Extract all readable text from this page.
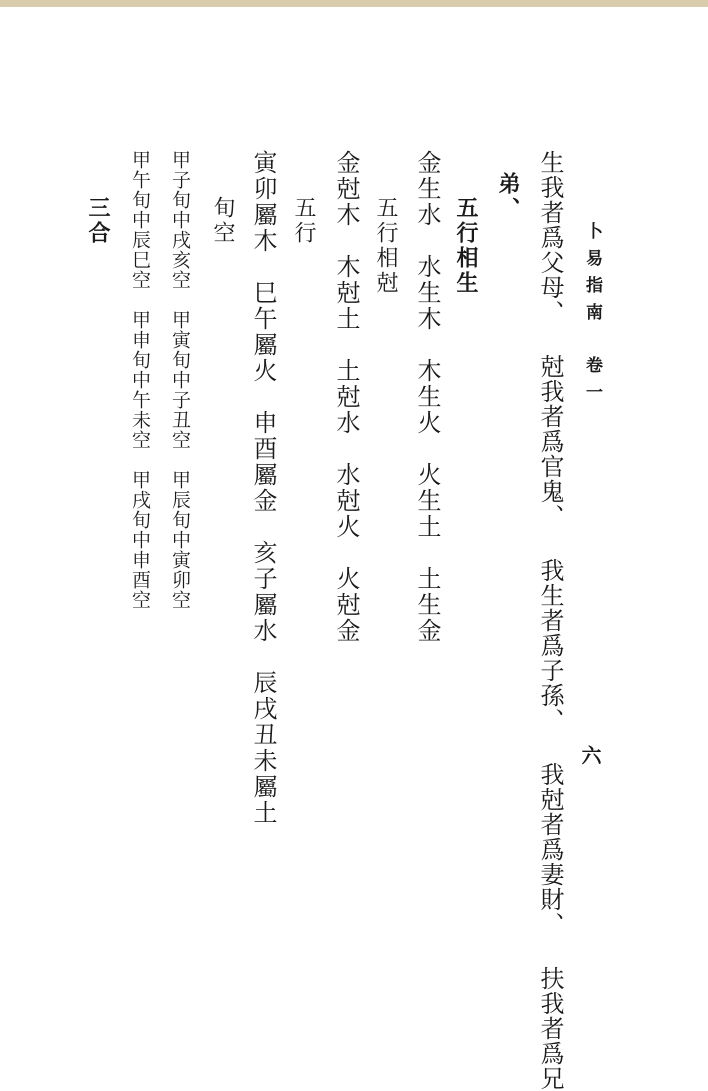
卜易指南
卷一
六
生我者爲父母、 尅我者爲官鬼、 我生者爲子孫、 我尅者爲妻財、 扶我者爲兄
弟、
五行相生
金生水　水生木　木生火　火生土　土生金
五行相尅
金尅木　木尅土　土尅水　水尅火　火尅金
五行
寅卯屬木　巳午屬火　申酉屬金　亥子屬水　辰戌丑未屬土
旬空
甲子旬中戌亥空　甲寅旬中子丑空　甲辰旬中寅卯空
甲午旬中辰巳空　甲申旬中午未空　甲戌旬中申酉空
三合
